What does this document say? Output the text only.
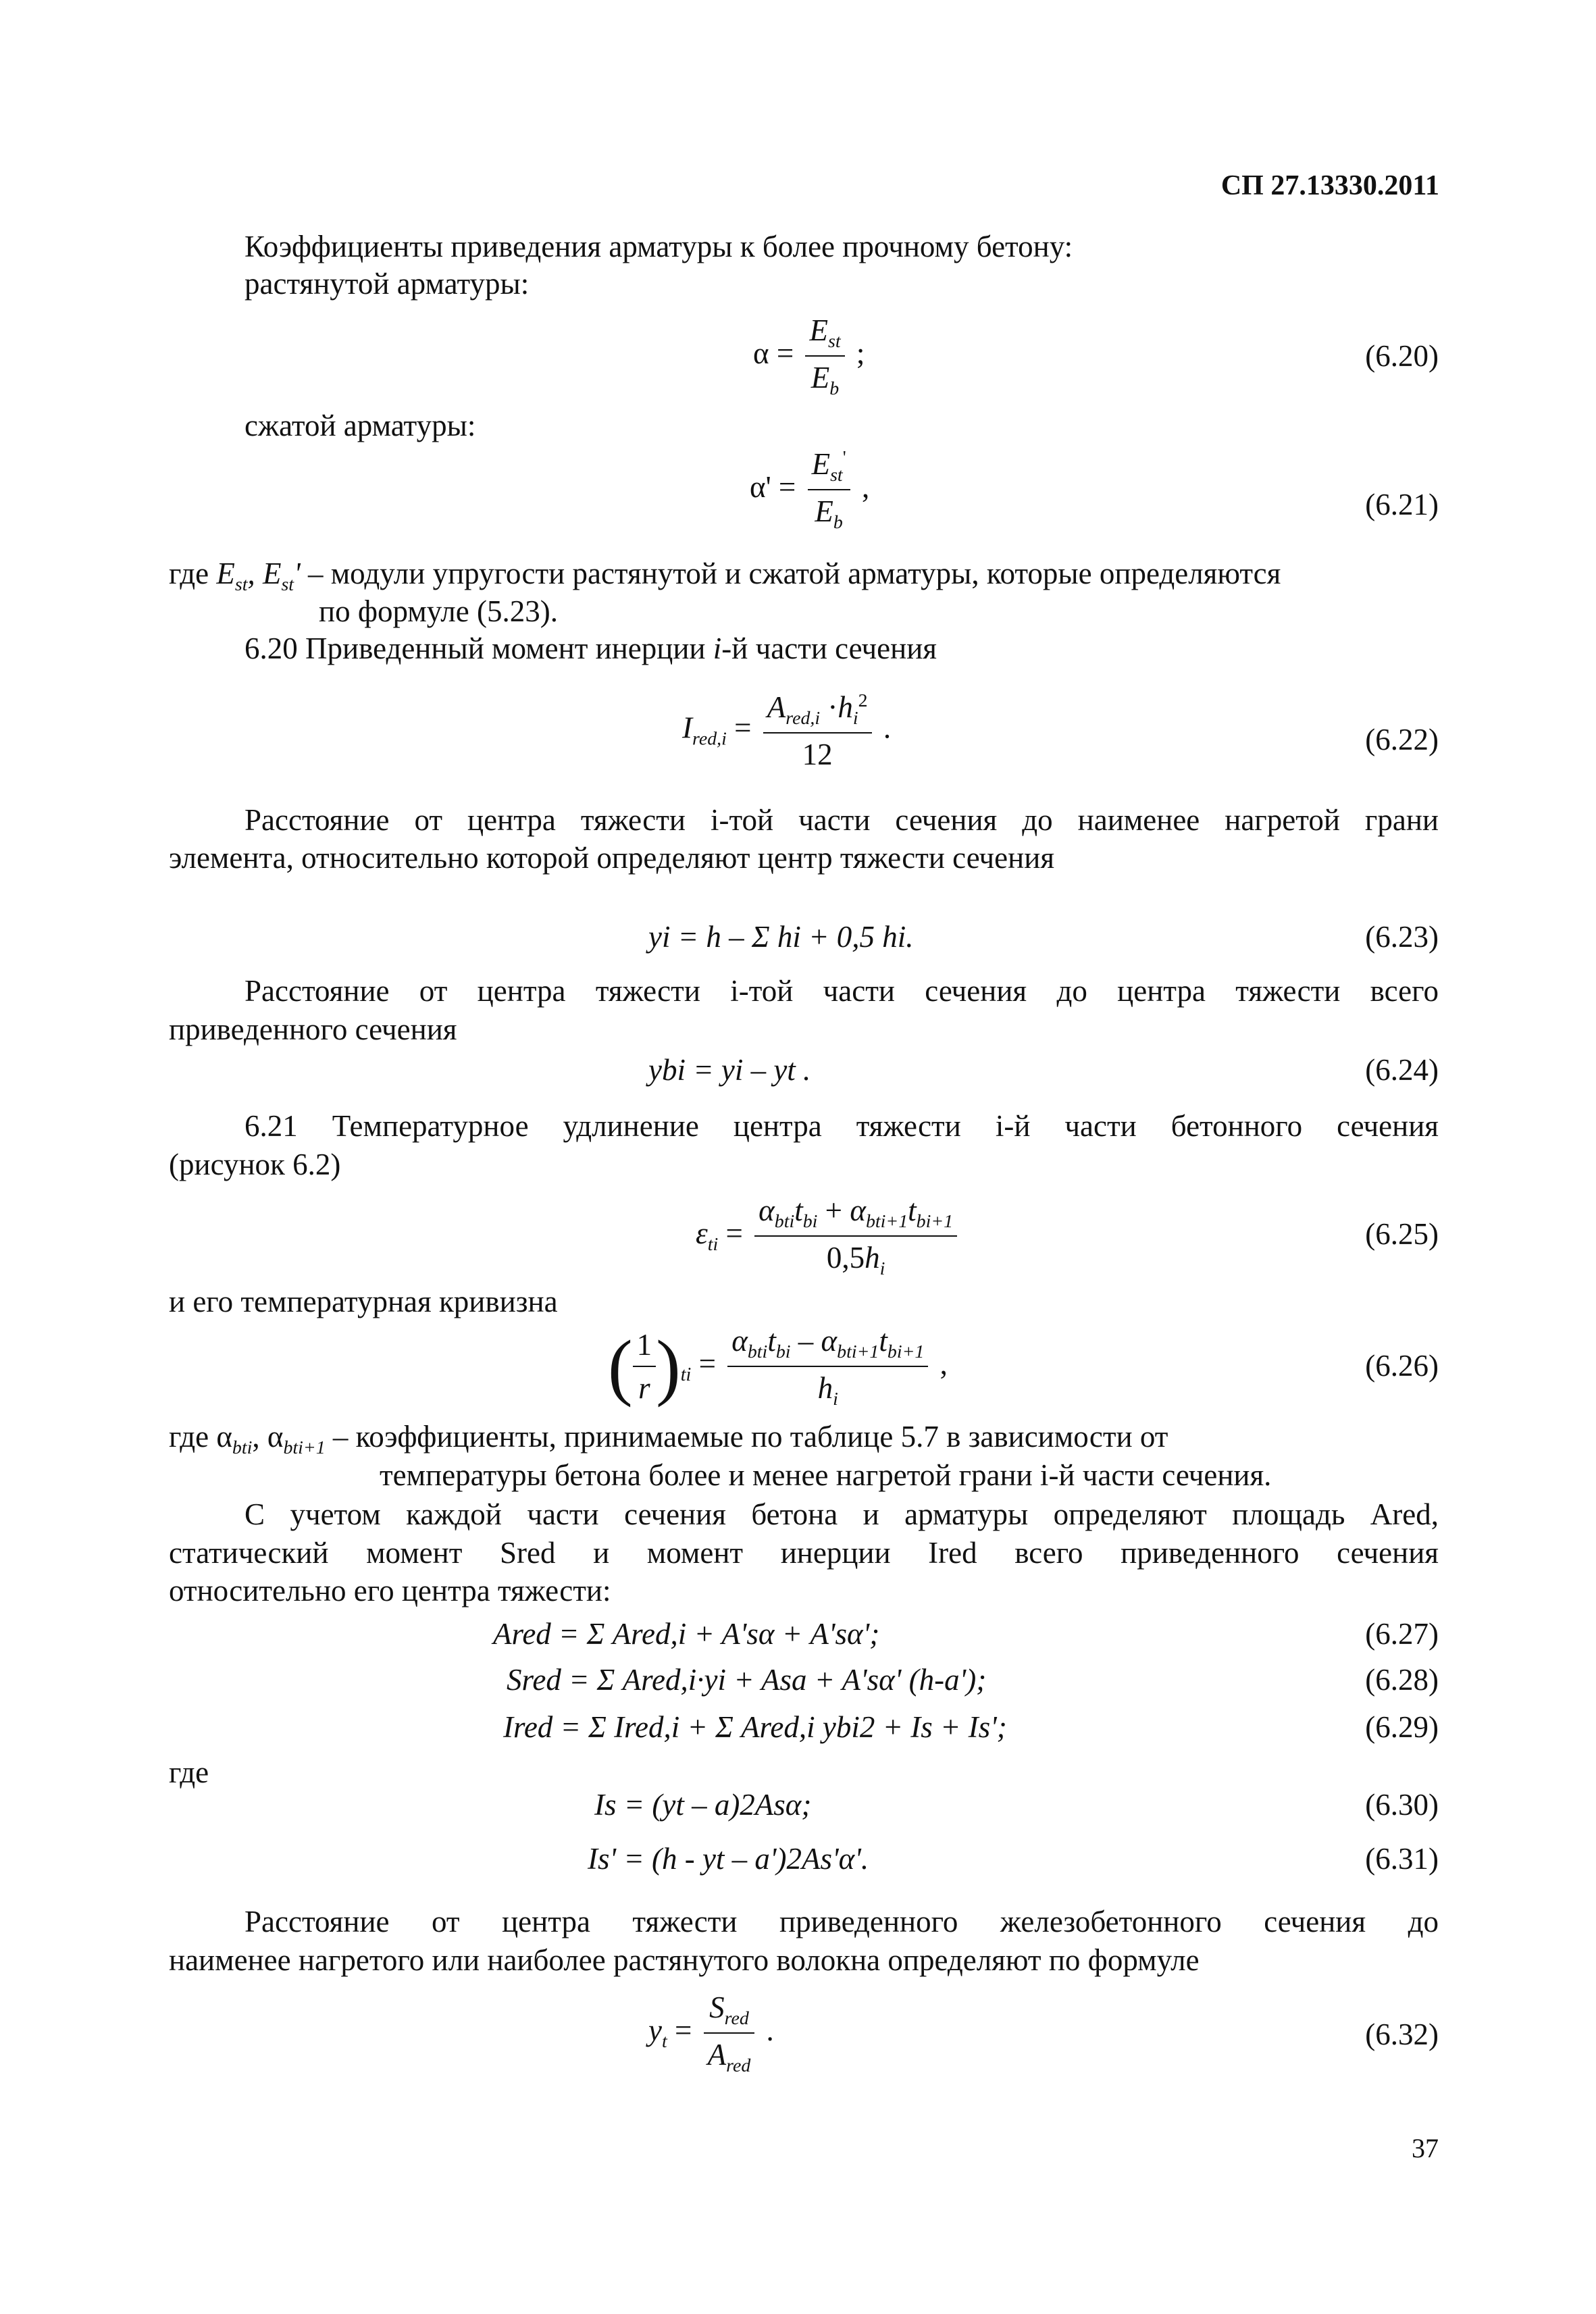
СП 27.13330.2011
Коэффициенты приведения арматуры к более прочному бетону:
растянутой арматуры:
$\alpha = \frac{E_{st}}{E_b}$ ;	(6.20)
сжатой арматуры:
$\alpha' = \frac{E_{st}'}{E_b}$ ,
(6.21)
где $E_{st}$, $E_{st}'$ – модули упругости растянутой и сжатой арматуры, которые определяются
по формуле (5.23).
6.20 Приведенный момент инерции i-й части сечения
$I_{red,i} = \frac{A_{red,i} \cdot h_i^2}{12}$ .	(6.22)
Расстояние от центра тяжести i-той части сечения до наименее нагретой грани
элемента, относительно которой определяют центр тяжести сечения
yi = h – Σ hi + 0,5 hi.	(6.23)
Расстояние от центра тяжести i-той части сечения до центра тяжести всего
приведенного сечения
ybi = yi – yt .	(6.24)
6.21 Температурное удлинение центра тяжести i-й части бетонного сечения
(рисунок 6.2)
$\varepsilon_{ti} = \frac{\alpha_{bti}t_{bi} + \alpha_{bti+1}t_{bi+1}}{0,5h_i}$	(6.25)
и его температурная кривизна
( $\frac{1}{r} )_{ti} = \frac{\alpha_{bti}t_{bi} - \alpha_{bti+1}t_{bi+1}}{h_i}$ ,	(6.26)
где $\alpha_{bti}$, $\alpha_{bti+1}$ – коэффициенты, принимаемые по таблице 5.7 в зависимости от
температуры бетона более и менее нагретой грани i-й части сечения.
С учетом каждой части сечения бетона и арматуры определяют площадь Ared,
статический момент Sred и момент инерции Ired всего приведенного сечения
относительно его центра тяжести:
Ared = Σ Ared,i + A'sα + A'sα';	(6.27)
Sred = Σ Ared,i·yi + Asa + A'sα' (h-a');	(6.28)
Ired = Σ Ired,i + Σ Ared,i ybi2 + Is + Is';	(6.29)
где
Is = (yt – a)2Asα;	(6.30)
Is' = (h - yt – a')2As'α'.	(6.31)
Расстояние от центра тяжести приведенного железобетонного сечения до
наименее нагретого или наиболее растянутого волокна определяют по формуле
$y_t = \frac{S_{red}}{A_{red}}$ .	(6.32)
37
